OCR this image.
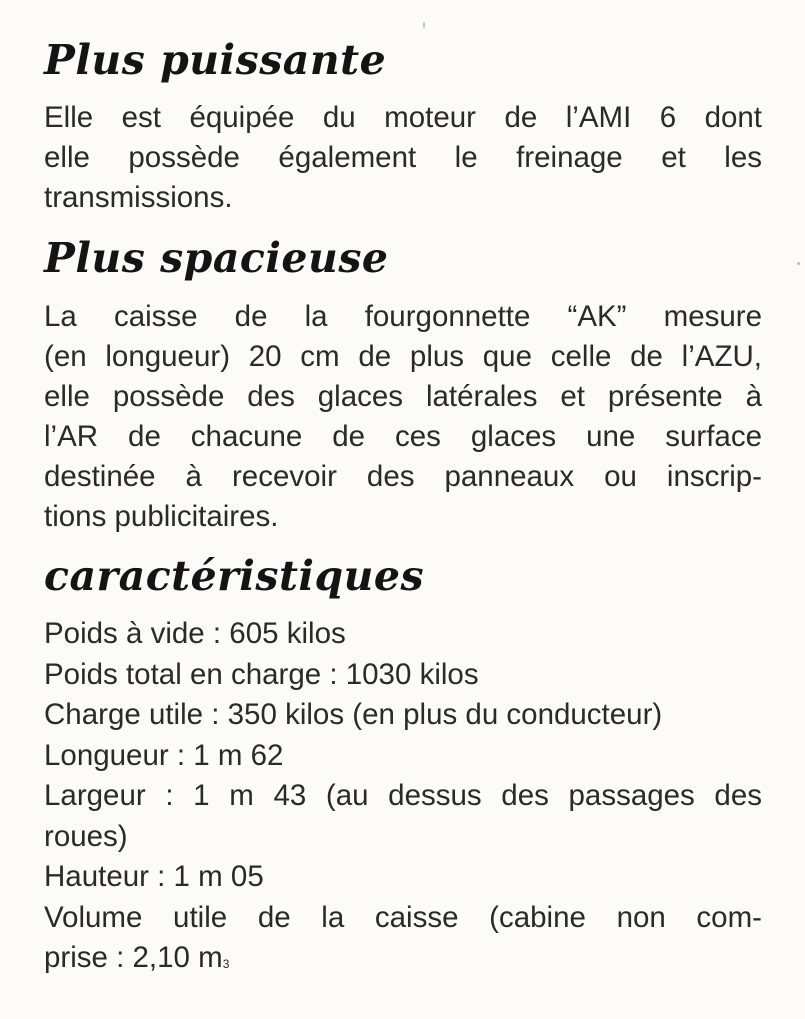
Plus puissante
Elle est équipée du moteur de l’AMI 6 dont
elle possède également le freinage et les
transmissions.
Plus spacieuse
La caisse de la fourgonnette “AK” mesure
(en longueur) 20 cm de plus que celle de l’AZU,
elle possède des glaces latérales et présente à
l’AR de chacune de ces glaces une surface
destinée à recevoir des panneaux ou inscrip-
tions publicitaires.
caractéristiques
Poids à vide : 605 kilos
Poids total en charge : 1030 kilos
Charge utile : 350 kilos (en plus du conducteur)
Longueur : 1 m 62
Largeur : 1 m 43 (au dessus des passages des
roues)
Hauteur : 1 m 05
Volume utile de la caisse (cabine non com-
prise : 2,10 $m^3$
